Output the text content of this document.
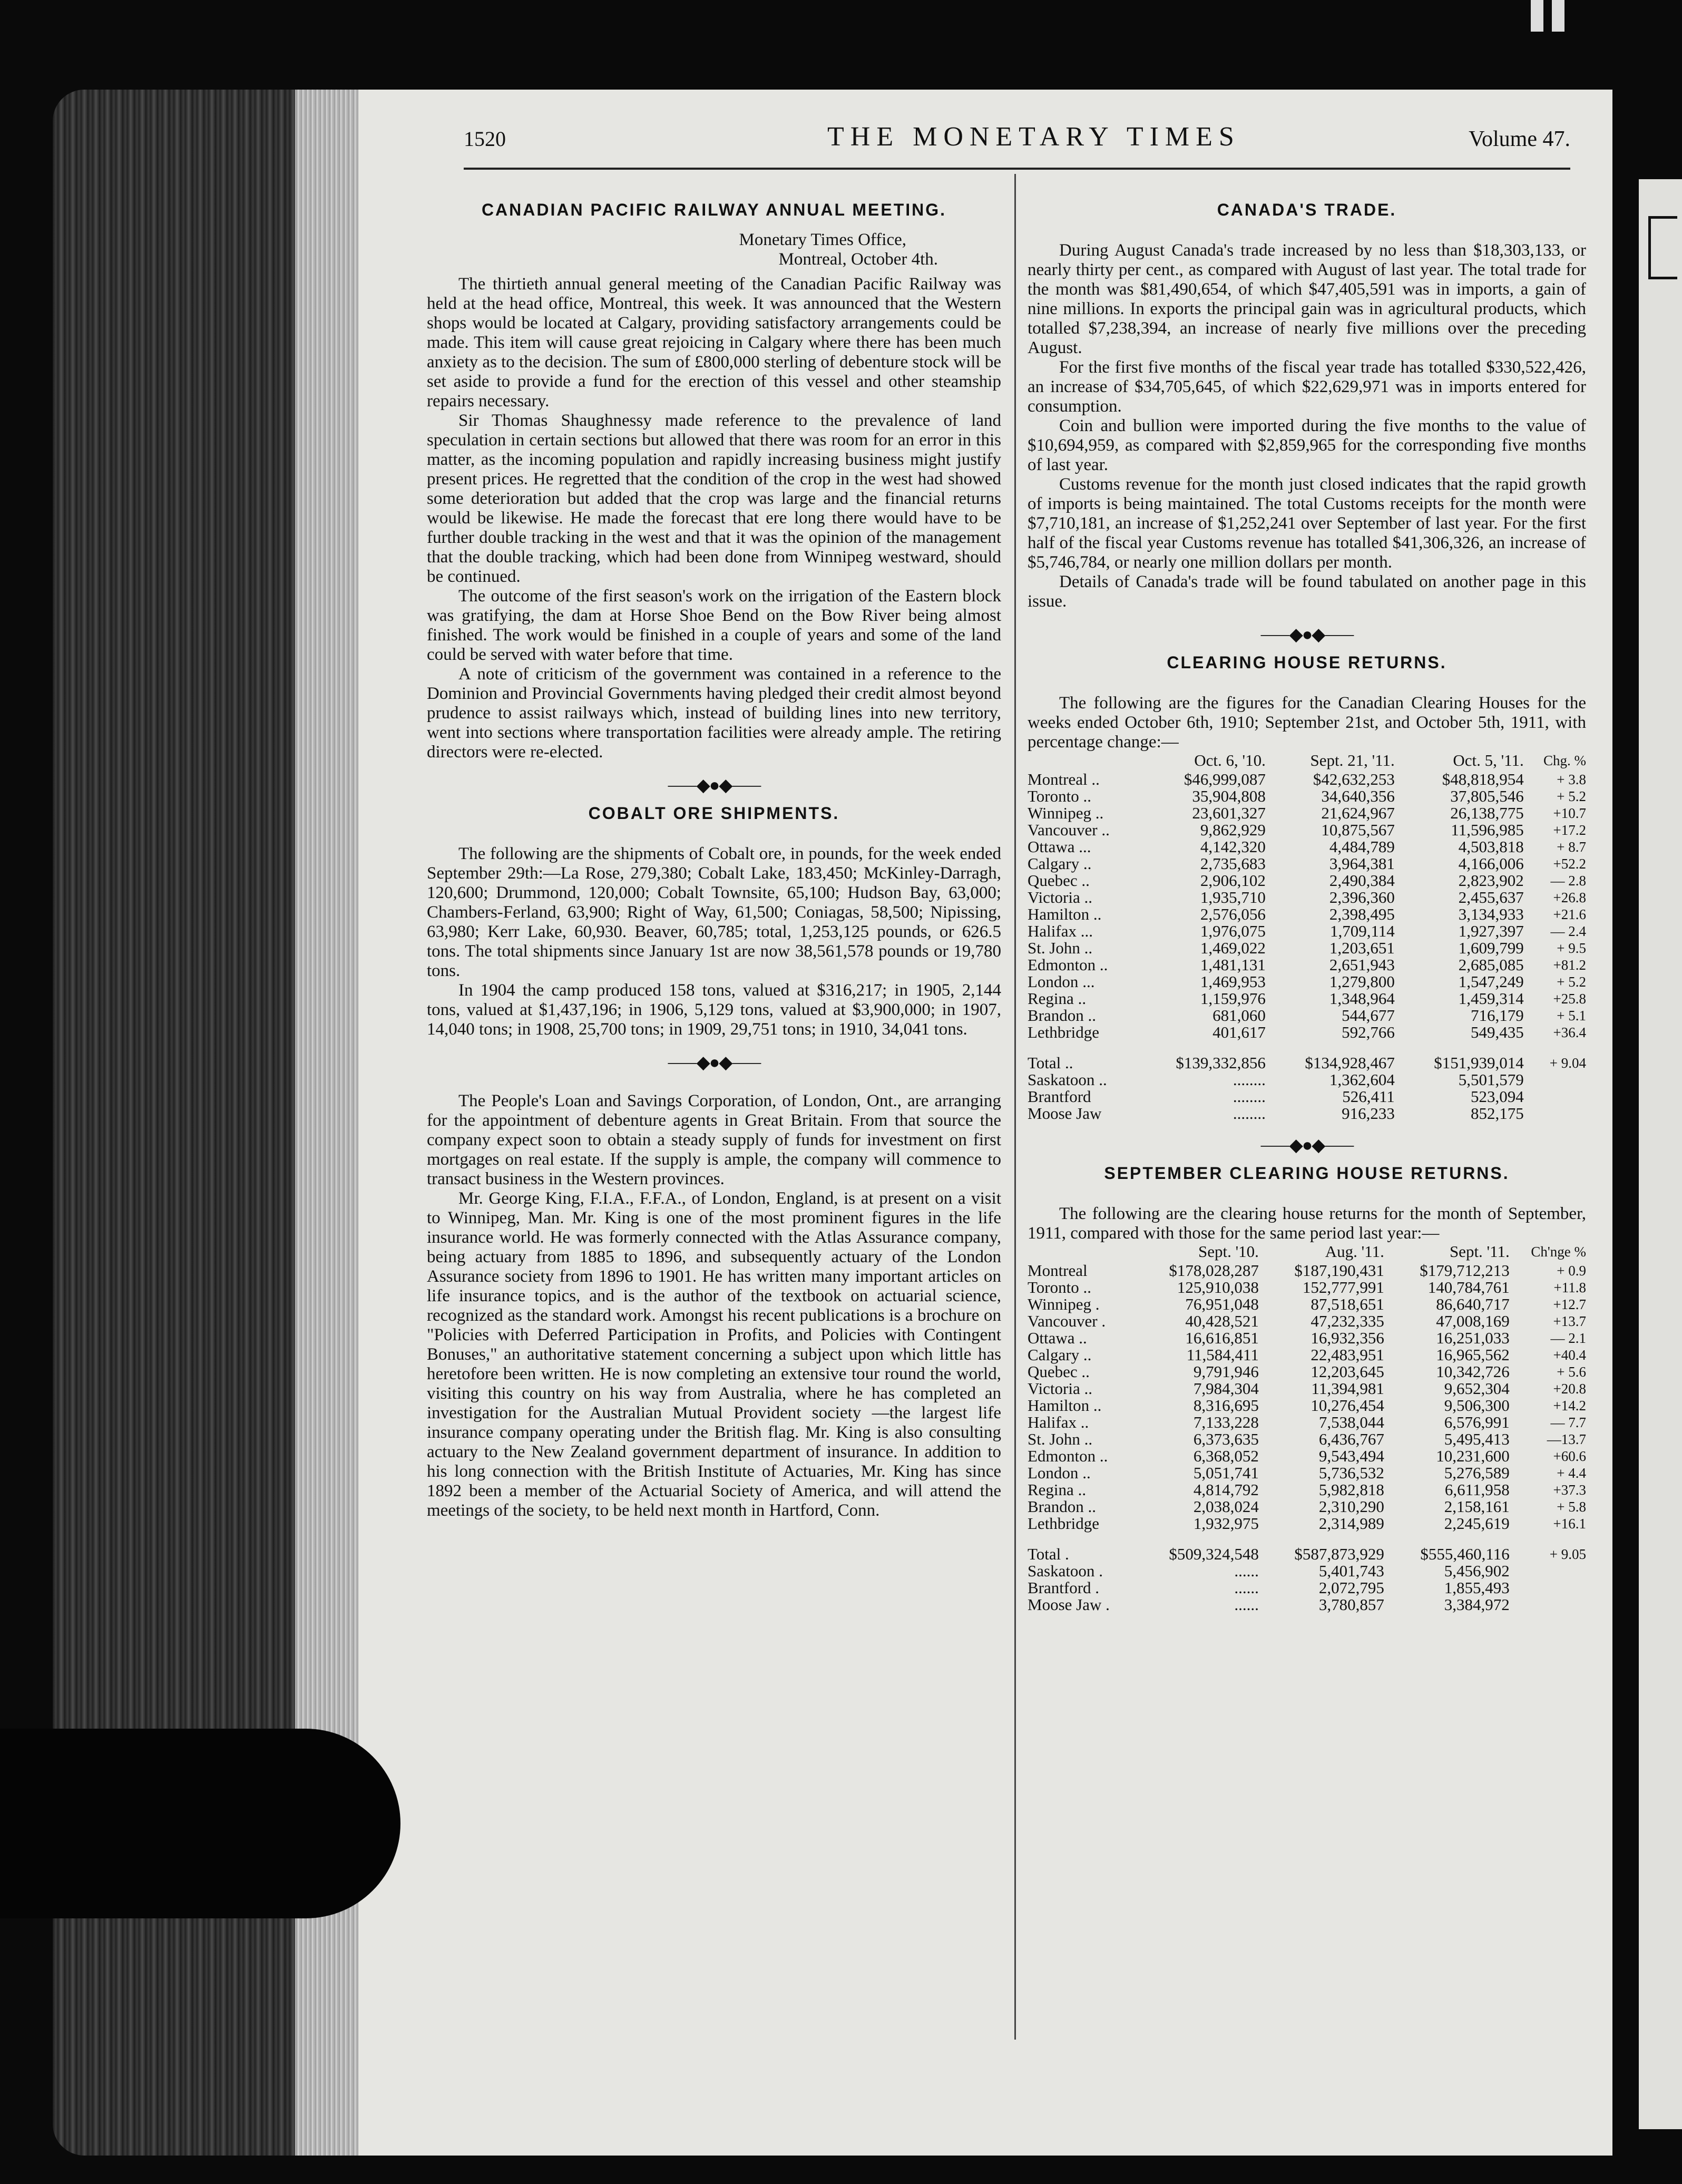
1520	THE MONETARY TIMES	Volume 47.
CANADIAN PACIFIC RAILWAY ANNUAL MEETING.
Monetary Times Office,
Montreal, October 4th.

The thirtieth annual general meeting of the Canadian Pacific Railway was held at the head office, Montreal, this week. It was announced that the Western shops would be located at Calgary, providing satisfactory arrangements could be made. This item will cause great rejoicing in Calgary where there has been much anxiety as to the decision. The sum of £800,000 sterling of debenture stock will be set aside to provide a fund for the erection of this vessel and other steamship repairs necessary.

Sir Thomas Shaughnessy made reference to the prevalence of land speculation in certain sections but allowed that there was room for an error in this matter, as the incoming population and rapidly increasing business might justify present prices. He regretted that the condition of the crop in the west had showed some deterioration but added that the crop was large and the financial returns would be likewise. He made the forecast that ere long there would have to be further double tracking in the west and that it was the opinion of the management that the double tracking, which had been done from Winnipeg westward, should be continued.

The outcome of the first season's work on the irrigation of the Eastern block was gratifying, the dam at Horse Shoe Bend on the Bow River being almost finished. The work would be finished in a couple of years and some of the land could be served with water before that time.

A note of criticism of the government was contained in a reference to the Dominion and Provincial Governments having pledged their credit almost beyond prudence to assist railways which, instead of building lines into new territory, went into sections where transportation facilities were already ample. The retiring directors were re-elected.

⸺◆●◆⸺
COBALT ORE SHIPMENTS.

The following are the shipments of Cobalt ore, in pounds, for the week ended September 29th:—La Rose, 279,380; Cobalt Lake, 183,450; McKinley-Darragh, 120,600; Drummond, 120,000; Cobalt Townsite, 65,100; Hudson Bay, 63,000; Chambers-Ferland, 63,900; Right of Way, 61,500; Coniagas, 58,500; Nipissing, 63,980; Kerr Lake, 60,930. Beaver, 60,785; total, 1,253,125 pounds, or 626.5 tons. The total shipments since January 1st are now 38,561,578 pounds or 19,780 tons.

In 1904 the camp produced 158 tons, valued at $316,217; in 1905, 2,144 tons, valued at $1,437,196; in 1906, 5,129 tons, valued at $3,900,000; in 1907, 14,040 tons; in 1908, 25,700 tons; in 1909, 29,751 tons; in 1910, 34,041 tons.

⸺◆●◆⸺

The People's Loan and Savings Corporation, of London, Ont., are arranging for the appointment of debenture agents in Great Britain. From that source the company expect soon to obtain a steady supply of funds for investment on first mortgages on real estate. If the supply is ample, the company will commence to transact business in the Western provinces.

Mr. George King, F.I.A., F.F.A., of London, England, is at present on a visit to Winnipeg, Man. Mr. King is one of the most prominent figures in the life insurance world. He was formerly connected with the Atlas Assurance company, being actuary from 1885 to 1896, and subsequently actuary of the London Assurance society from 1896 to 1901. He has written many important articles on life insurance topics, and is the author of the textbook on actuarial science, recognized as the standard work. Amongst his recent publications is a brochure on "Policies with Deferred Participation in Profits, and Policies with Contingent Bonuses," an authoritative statement concerning a subject upon which little has heretofore been written. He is now completing an extensive tour round the world, visiting this country on his way from Australia, where he has completed an investigation for the Australian Mutual Provident society —the largest life insurance company operating under the British flag. Mr. King is also consulting actuary to the New Zealand government department of insurance. In addition to his long connection with the British Institute of Actuaries, Mr. King has since 1892 been a member of the Actuarial Society of America, and will attend the meetings of the society, to be held next month in Hartford, Conn.

CANADA'S TRADE.

During August Canada's trade increased by no less than $18,303,133, or nearly thirty per cent., as compared with August of last year. The total trade for the month was $81,490,654, of which $47,405,591 was in imports, a gain of nine millions. In exports the principal gain was in agricultural products, which totalled $7,238,394, an increase of nearly five millions over the preceding August.

For the first five months of the fiscal year trade has totalled $330,522,426, an increase of $34,705,645, of which $22,629,971 was in imports entered for consumption.

Coin and bullion were imported during the five months to the value of $10,694,959, as compared with $2,859,965 for the corresponding five months of last year.

Customs revenue for the month just closed indicates that the rapid growth of imports is being maintained. The total Customs receipts for the month were $7,710,181, an increase of $1,252,241 over September of last year. For the first half of the fiscal year Customs revenue has totalled $41,306,326, an increase of $5,746,784, or nearly one million dollars per month.

Details of Canada's trade will be found tabulated on another page in this issue.

⸺◆●◆⸺
CLEARING HOUSE RETURNS.

The following are the figures for the Canadian Clearing Houses for the weeks ended October 6th, 1910; September 21st, and October 5th, 1911, with percentage change:—

	Oct. 6, '10.	Sept. 21, '11.	Oct. 5, '11.	Chg. %
Montreal ..	$46,999,087	$42,632,253	$48,818,954	+ 3.8
Toronto ..	35,904,808	34,640,356	37,805,546	+ 5.2
Winnipeg ..	23,601,327	21,624,967	26,138,775	+10.7
Vancouver ..	9,862,929	10,875,567	11,596,985	+17.2
Ottawa ...	4,142,320	4,484,789	4,503,818	+ 8.7
Calgary ..	2,735,683	3,964,381	4,166,006	+52.2
Quebec ..	2,906,102	2,490,384	2,823,902	— 2.8
Victoria ..	1,935,710	2,396,360	2,455,637	+26.8
Hamilton ..	2,576,056	2,398,495	3,134,933	+21.6
Halifax ...	1,976,075	1,709,114	1,927,397	— 2.4
St. John ..	1,469,022	1,203,651	1,609,799	+ 9.5
Edmonton ..	1,481,131	2,651,943	2,685,085	+81.2
London ...	1,469,953	1,279,800	1,547,249	+ 5.2
Regina ..	1,159,976	1,348,964	1,459,314	+25.8
Brandon ..	681,060	544,677	716,179	+ 5.1
Lethbridge	401,617	592,766	549,435	+36.4
Total ..	$139,332,856	$134,928,467	$151,939,014	+ 9.04
Saskatoon ..	........	1,362,604	5,501,579	
Brantford	........	526,411	523,094	
Moose Jaw	........	916,233	852,175	
⸺◆●◆⸺
SEPTEMBER CLEARING HOUSE RETURNS.

The following are the clearing house returns for the month of September, 1911, compared with those for the same period last year:—

	Sept. '10.	Aug. '11.	Sept. '11.	Ch'nge %
Montreal	$178,028,287	$187,190,431	$179,712,213	+ 0.9
Toronto ..	125,910,038	152,777,991	140,784,761	+11.8
Winnipeg .	76,951,048	87,518,651	86,640,717	+12.7
Vancouver .	40,428,521	47,232,335	47,008,169	+13.7
Ottawa ..	16,616,851	16,932,356	16,251,033	— 2.1
Calgary ..	11,584,411	22,483,951	16,965,562	+40.4
Quebec ..	9,791,946	12,203,645	10,342,726	+ 5.6
Victoria ..	7,984,304	11,394,981	9,652,304	+20.8
Hamilton ..	8,316,695	10,276,454	9,506,300	+14.2
Halifax ..	7,133,228	7,538,044	6,576,991	— 7.7
St. John ..	6,373,635	6,436,767	5,495,413	—13.7
Edmonton ..	6,368,052	9,543,494	10,231,600	+60.6
London ..	5,051,741	5,736,532	5,276,589	+ 4.4
Regina ..	4,814,792	5,982,818	6,611,958	+37.3
Brandon ..	2,038,024	2,310,290	2,158,161	+ 5.8
Lethbridge	1,932,975	2,314,989	2,245,619	+16.1
Total .	$509,324,548	$587,873,929	$555,460,116	+ 9.05
Saskatoon .	......	5,401,743	5,456,902	
Brantford .	......	2,072,795	1,855,493	
Moose Jaw .	......	3,780,857	3,384,972	
